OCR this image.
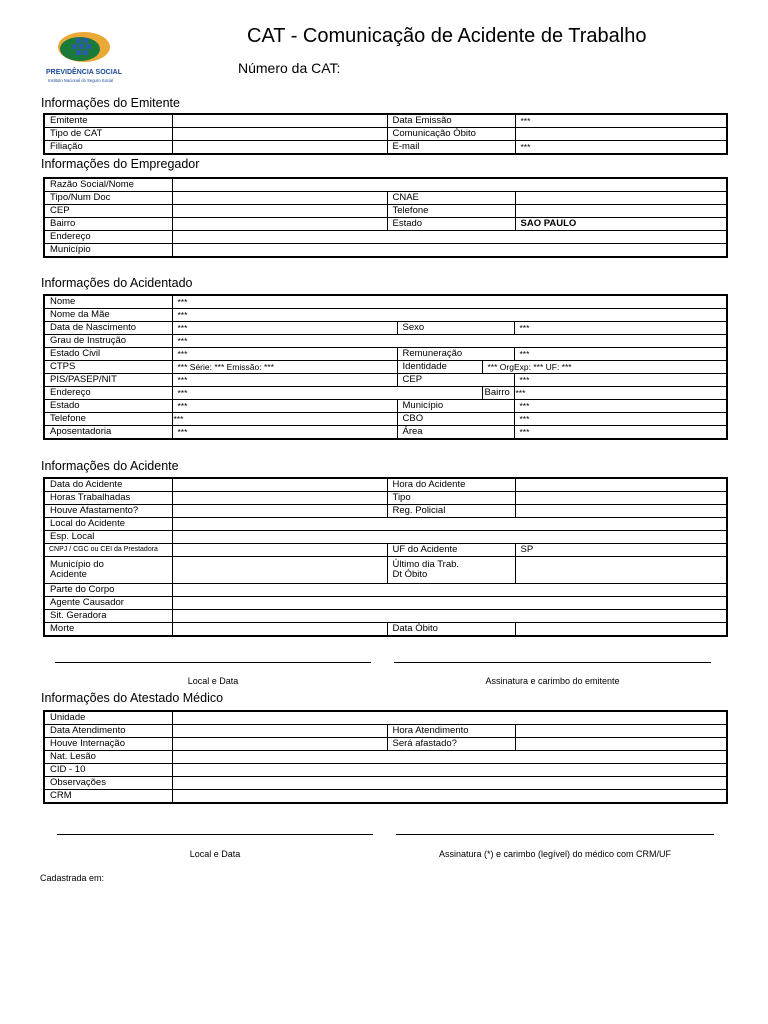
PREVIDÊNCIA SOCIAL
Instituto Nacional do Seguro Social
CAT - Comunicação de Acidente de Trabalho
Número da CAT:
Informações do Emitente
Emitente		Data Emissão	***
Tipo de CAT		Comunicação Óbito	
Filiação		E-mail	***
Informações do Empregador
Razão Social/Nome			
Tipo/Num Doc		CNAE	
CEP		Telefone	
Bairro		Estado	SAO PAULO
Endereço			
Município			
Informações do Acidentado
Nome	***			
Nome da Mãe	***			
Data de Nascimento	***	Sexo		***
Grau de Instrução	***			
Estado Civil	***	Remuneração		***
CTPS	*** Série: *** Emissão: ***	Identidade	*** OrgExp: *** UF: ***	
PIS/PASEP/NIT	***	CEP		***
Endereço	***		Bairro	***
Estado	***	Município		***
Telefone	***	CBO		***
Aposentadoria	***	Área		***
Informações do Acidente
Data do Acidente		Hora do Acidente	
Horas Trabalhadas		Tipo	
Houve Afastamento?		Reg. Policial	
Local do Acidente			
Esp. Local			
CNPJ / CGC ou CEI da Prestadora		UF do Acidente	SP
Município do
Acidente		Último dia Trab.
Dt Óbito	
Parte do Corpo			
Agente Causador			
Sit. Geradora			
Morte		Data Óbito	
Local e Data	Assinatura e carimbo do emitente
Informações do Atestado Médico
Unidade			
Data Atendimento		Hora Atendimento	
Houve Internação		Será afastado?	
Nat. Lesão			
CID - 10			
Observações			
CRM			
Local e Data	Assinatura (*) e carimbo (legível) do médico com CRM/UF
Cadastrada em:
